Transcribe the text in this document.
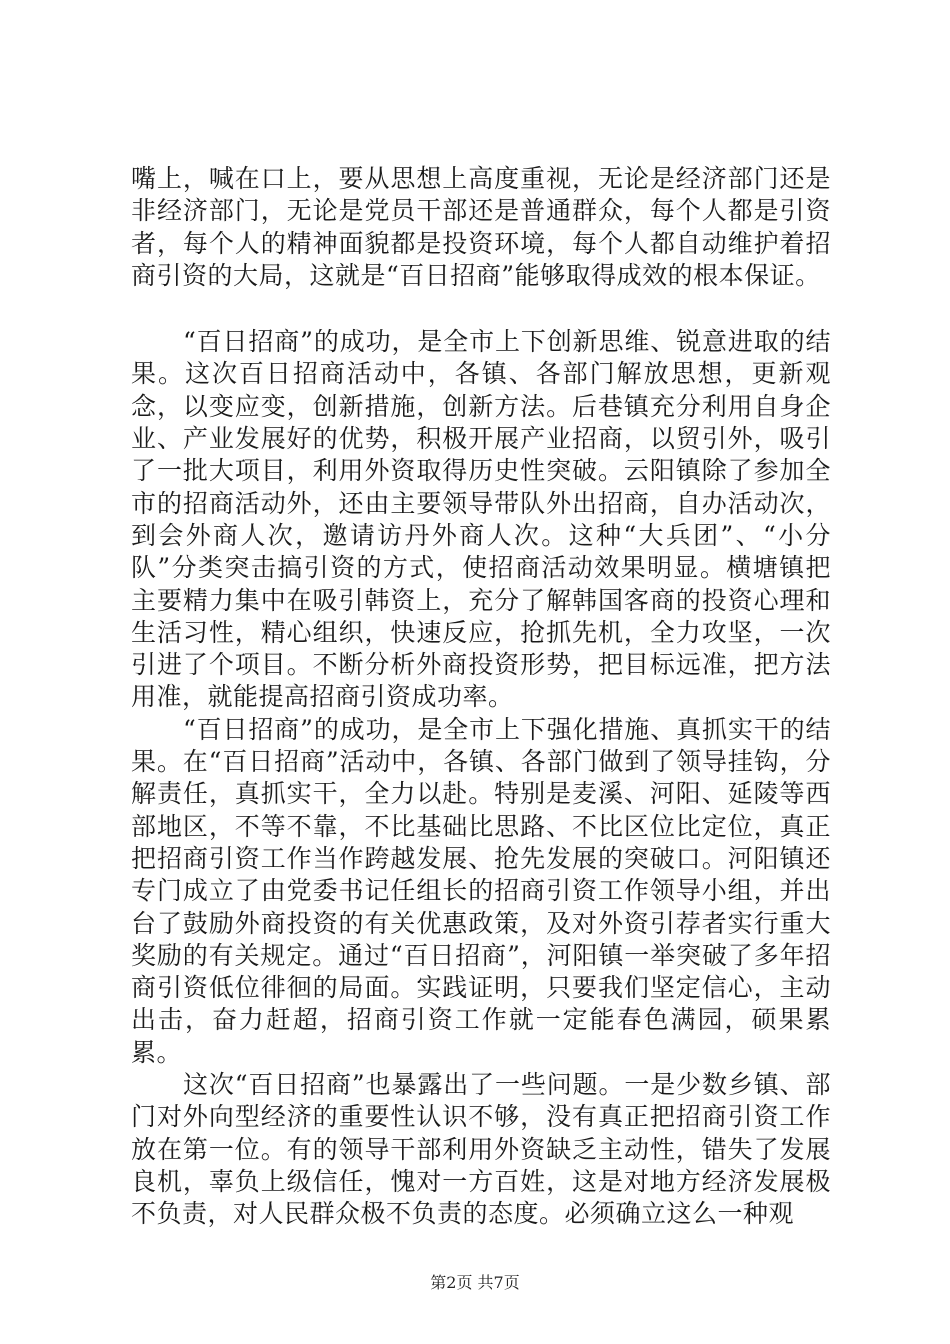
嘴上，喊在口上，要从思想上高度重视，无论是经济部门还是非经济部门，无论是党员干部还是普通群众，每个人都是引资者，每个人的精神面貌都是投资环境，每个人都自动维护着招商引资的大局，这就是“百日招商”能够取得成效的根本保证。

“百日招商”的成功，是全市上下创新思维、锐意进取的结果。这次百日招商活动中，各镇、各部门解放思想，更新观念，以变应变，创新措施，创新方法。后巷镇充分利用自身企业、产业发展好的优势，积极开展产业招商，以贸引外，吸引了一批大项目，利用外资取得历史性突破。云阳镇除了参加全市的招商活动外，还由主要领导带队外出招商，自办活动次，到会外商人次，邀请访丹外商人次。这种“大兵团”、“小分队”分类突击搞引资的方式，使招商活动效果明显。横塘镇把主要精力集中在吸引韩资上，充分了解韩国客商的投资心理和生活习性，精心组织，快速反应，抢抓先机，全力攻坚，一次引进了个项目。不断分析外商投资形势，把目标远准，把方法用准，就能提高招商引资成功率。

“百日招商”的成功，是全市上下强化措施、真抓实干的结果。在“百日招商”活动中，各镇、各部门做到了领导挂钩，分解责任，真抓实干，全力以赴。特别是麦溪、河阳、延陵等西部地区，不等不靠，不比基础比思路、不比区位比定位，真正把招商引资工作当作跨越发展、抢先发展的突破口。河阳镇还专门成立了由党委书记任组长的招商引资工作领导小组，并出台了鼓励外商投资的有关优惠政策，及对外资引荐者实行重大奖励的有关规定。通过“百日招商”，河阳镇一举突破了多年招商引资低位徘徊的局面。实践证明，只要我们坚定信心，主动出击，奋力赶超，招商引资工作就一定能春色满园，硕果累累。

这次“百日招商”也暴露出了一些问题。一是少数乡镇、部门对外向型经济的重要性认识不够，没有真正把招商引资工作放在第一位。有的领导干部利用外资缺乏主动性，错失了发展良机，辜负上级信任，愧对一方百姓，这是对地方经济发展极不负责，对人民群众极不负责的态度。必须确立这么一种观

第2页 共7页
